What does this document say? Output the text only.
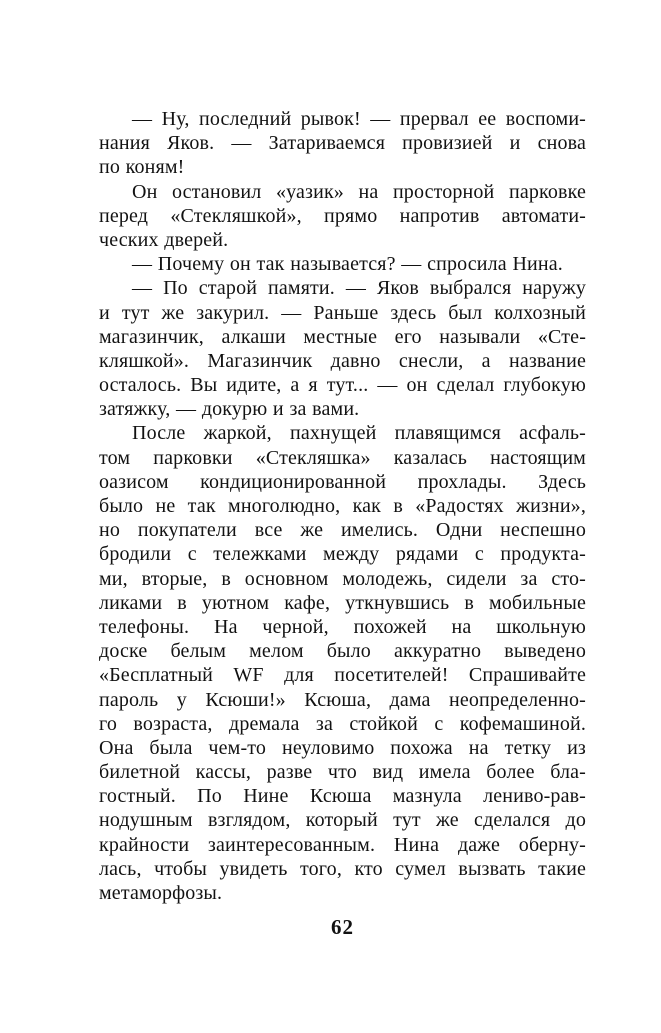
— Ну, последний рывок! — прервал ее воспоми-
нания Яков. — Затариваемся провизией и снова
по коням!
Он остановил «уазик» на просторной парковке
перед «Стекляшкой», прямо напротив автомати-
ческих дверей.
— Почему он так называется? — спросила Нина.
— По старой памяти. — Яков выбрался наружу
и тут же закурил. — Раньше здесь был колхозный
магазинчик, алкаши местные его называли «Сте-
кляшкой». Магазинчик давно снесли, а название
осталось. Вы идите, а я тут... — он сделал глубокую
затяжку, — докурю и за вами.
После жаркой, пахнущей плавящимся асфаль-
том парковки «Стекляшка» казалась настоящим
оазисом кондиционированной прохлады. Здесь
было не так многолюдно, как в «Радостях жизни»,
но покупатели все же имелись. Одни неспешно
бродили с тележками между рядами с продукта-
ми, вторые, в основном молодежь, сидели за сто-
ликами в уютном кафе, уткнувшись в мобильные
телефоны. На черной, похожей на школьную
доске белым мелом было аккуратно выведено
«Бесплатный WF для посетителей! Спрашивайте
пароль у Ксюши!» Ксюша, дама неопределенно-
го возраста, дремала за стойкой с кофемашиной.
Она была чем-то неуловимо похожа на тетку из
билетной кассы, разве что вид имела более бла-
гостный. По Нине Ксюша мазнула лениво-рав-
нодушным взглядом, который тут же сделался до
крайности заинтересованным. Нина даже оберну-
лась, чтобы увидеть того, кто сумел вызвать такие
метаморфозы.
62
